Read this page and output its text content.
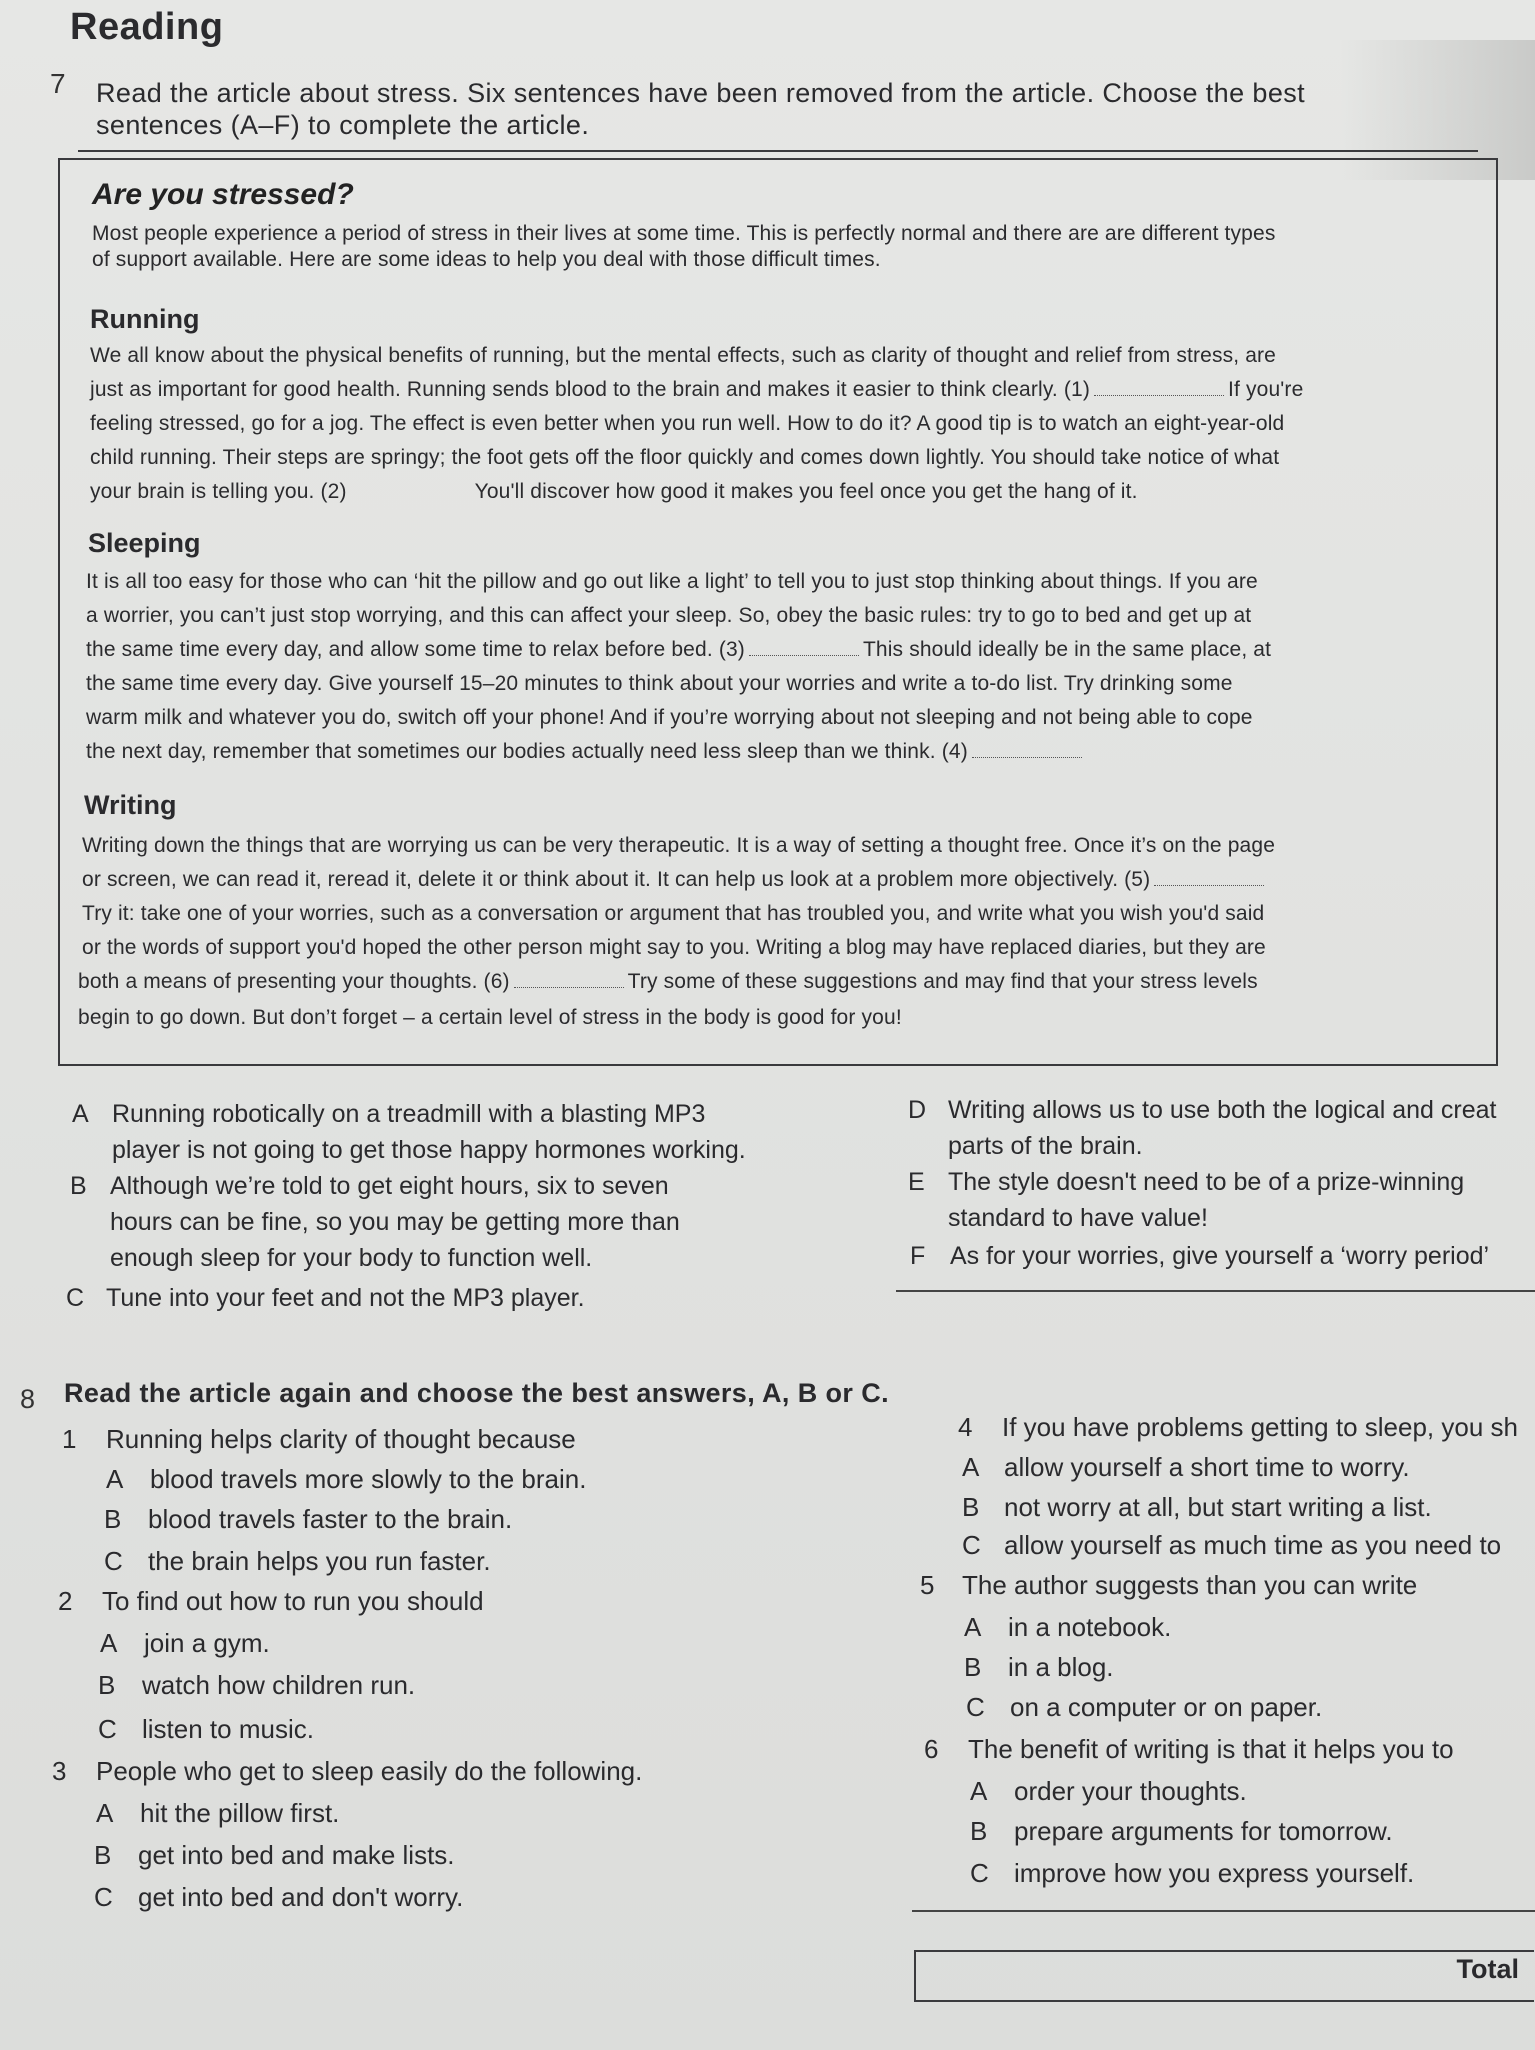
Reading
7 Read the article about stress. Six sentences have been removed from the article. Choose the best
sentences (A–F) to complete the article.
Are you stressed?
Most people experience a period of stress in their lives at some time. This is perfectly normal and there are are different types
of support available. Here are some ideas to help you deal with those difficult times.
Running
We all know about the physical benefits of running, but the mental effects, such as clarity of thought and relief from stress, are
just as important for good health. Running sends blood to the brain and makes it easier to think clearly. (1)	If you're
feeling stressed, go for a jog. The effect is even better when you run well. How to do it? A good tip is to watch an eight-year-old
child running. Their steps are springy; the foot gets off the floor quickly and comes down lightly. You should take notice of what
your brain is telling you. (2)	You'll discover how good it makes you feel once you get the hang of it.
Sleeping
It is all too easy for those who can ‘hit the pillow and go out like a light’ to tell you to just stop thinking about things. If you are
a worrier, you can’t just stop worrying, and this can affect your sleep. So, obey the basic rules: try to go to bed and get up at
the same time every day, and allow some time to relax before bed. (3)	This should ideally be in the same place, at
the same time every day. Give yourself 15–20 minutes to think about your worries and write a to-do list. Try drinking some
warm milk and whatever you do, switch off your phone! And if you’re worrying about not sleeping and not being able to cope
the next day, remember that sometimes our bodies actually need less sleep than we think. (4)
Writing
Writing down the things that are worrying us can be very therapeutic. It is a way of setting a thought free. Once it’s on the page
or screen, we can read it, reread it, delete it or think about it. It can help us look at a problem more objectively. (5)
Try it: take one of your worries, such as a conversation or argument that has troubled you, and write what you wish you'd said
or the words of support you'd hoped the other person might say to you. Writing a blog may have replaced diaries, but they are
both a means of presenting your thoughts. (6)	Try some of these suggestions and may find that your stress levels
begin to go down. But don’t forget – a certain level of stress in the body is good for you!
A Running robotically on a treadmill with a blasting MP3
player is not going to get those happy hormones working.
B Although we’re told to get eight hours, six to seven
hours can be fine, so you may be getting more than
enough sleep for your body to function well.
C Tune into your feet and not the MP3 player.
D Writing allows us to use both the logical and creat
parts of the brain.
E The style doesn't need to be of a prize-winning
standard to have value!
F As for your worries, give yourself a ‘worry period’
8 Read the article again and choose the best answers, A, B or C.
1 Running helps clarity of thought because
A blood travels more slowly to the brain.
B blood travels faster to the brain.
C the brain helps you run faster.
2 To find out how to run you should
A join a gym.
B watch how children run.
C listen to music.
3 People who get to sleep easily do the following.
A hit the pillow first.
B get into bed and make lists.
C get into bed and don't worry.
4 If you have problems getting to sleep, you sh
A allow yourself a short time to worry.
B not worry at all, but start writing a list.
C allow yourself as much time as you need to
5 The author suggests than you can write
A in a notebook.
B in a blog.
C on a computer or on paper.
6 The benefit of writing is that it helps you to
A order your thoughts.
B prepare arguments for tomorrow.
C improve how you express yourself.
Total
